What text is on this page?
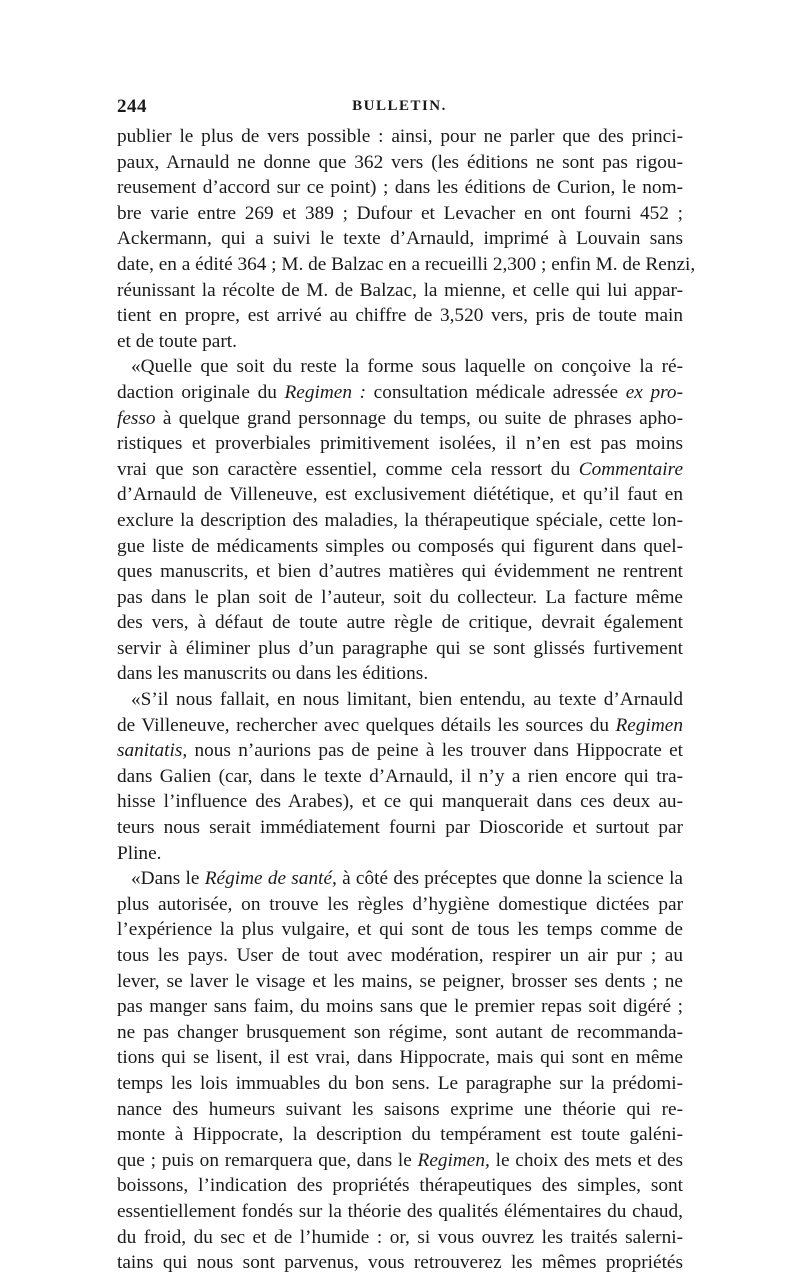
244	BULLETIN.
publier le plus de vers possible : ainsi, pour ne parler que des princi-
paux, Arnauld ne donne que 362 vers (les éditions ne sont pas rigou-
reusement d’accord sur ce point) ; dans les éditions de Curion, le nom-
bre varie entre 269 et 389 ; Dufour et Levacher en ont fourni 452 ;
Ackermann, qui a suivi le texte d’Arnauld, imprimé à Louvain sans
date, en a édité 364 ; M. de Balzac en a recueilli 2,300 ; enfin M. de Renzi,
réunissant la récolte de M. de Balzac, la mienne, et celle qui lui appar-
tient en propre, est arrivé au chiffre de 3,520 vers, pris de toute main
et de toute part.
«Quelle que soit du reste la forme sous laquelle on conçoive la ré-
daction originale du Regimen : consultation médicale adressée ex pro-
fesso à quelque grand personnage du temps, ou suite de phrases apho-
ristiques et proverbiales primitivement isolées, il n’en est pas moins
vrai que son caractère essentiel, comme cela ressort du Commentaire
d’Arnauld de Villeneuve, est exclusivement diététique, et qu’il faut en
exclure la description des maladies, la thérapeutique spéciale, cette lon-
gue liste de médicaments simples ou composés qui figurent dans quel-
ques manuscrits, et bien d’autres matières qui évidemment ne rentrent
pas dans le plan soit de l’auteur, soit du collecteur. La facture même
des vers, à défaut de toute autre règle de critique, devrait également
servir à éliminer plus d’un paragraphe qui se sont glissés furtivement
dans les manuscrits ou dans les éditions.
«S’il nous fallait, en nous limitant, bien entendu, au texte d’Arnauld
de Villeneuve, rechercher avec quelques détails les sources du Regimen
sanitatis, nous n’aurions pas de peine à les trouver dans Hippocrate et
dans Galien (car, dans le texte d’Arnauld, il n’y a rien encore qui tra-
hisse l’influence des Arabes), et ce qui manquerait dans ces deux au-
teurs nous serait immédiatement fourni par Dioscoride et surtout par
Pline.
«Dans le Régime de santé, à côté des préceptes que donne la science la
plus autorisée, on trouve les règles d’hygiène domestique dictées par
l’expérience la plus vulgaire, et qui sont de tous les temps comme de
tous les pays. User de tout avec modération, respirer un air pur ; au
lever, se laver le visage et les mains, se peigner, brosser ses dents ; ne
pas manger sans faim, du moins sans que le premier repas soit digéré ;
ne pas changer brusquement son régime, sont autant de recommanda-
tions qui se lisent, il est vrai, dans Hippocrate, mais qui sont en même
temps les lois immuables du bon sens. Le paragraphe sur la prédomi-
nance des humeurs suivant les saisons exprime une théorie qui re-
monte à Hippocrate, la description du tempérament est toute galéni-
que ; puis on remarquera que, dans le Regimen, le choix des mets et des
boissons, l’indication des propriétés thérapeutiques des simples, sont
essentiellement fondés sur la théorie des qualités élémentaires du chaud,
du froid, du sec et de l’humide : or, si vous ouvrez les traités salerni-
tains qui nous sont parvenus, vous retrouverez les mêmes propriétés
